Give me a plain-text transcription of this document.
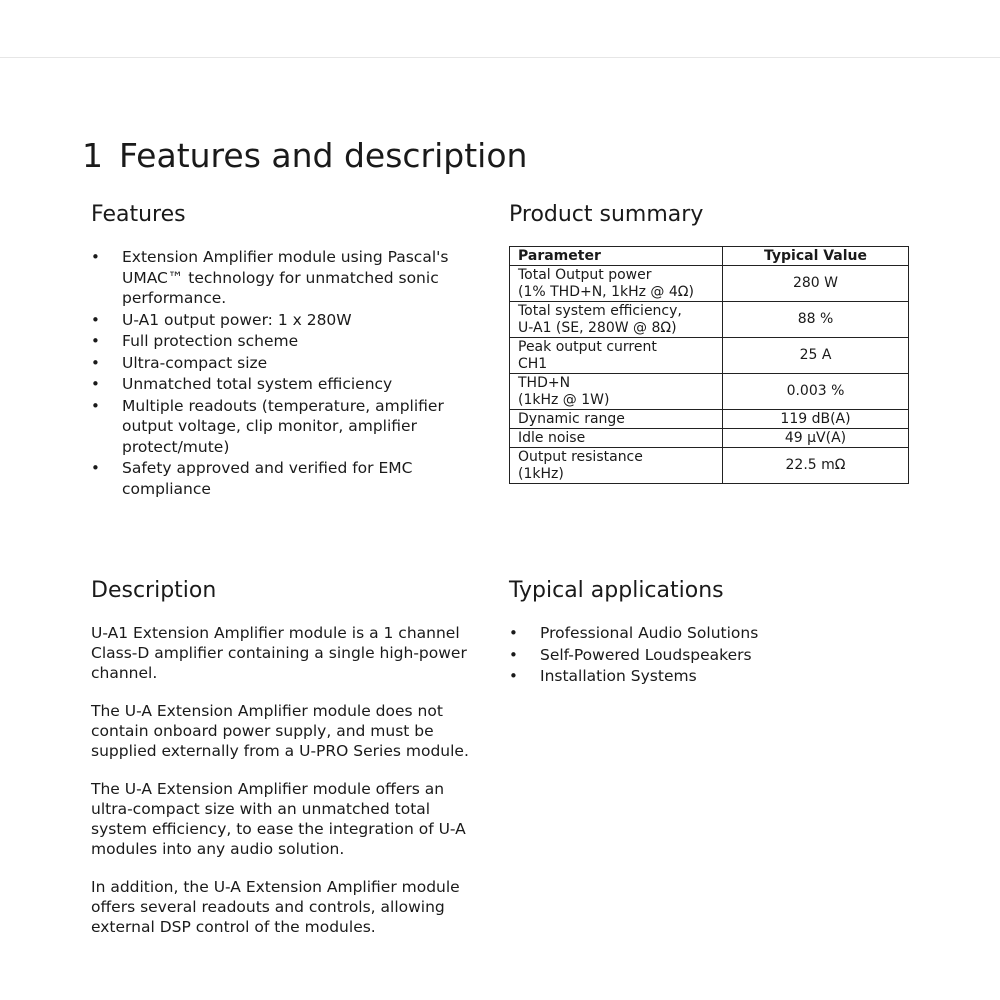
1 Features and description
Features
• Extension Amplifier module using Pascal's UMAC™ technology for unmatched sonic performance.
• U-A1 output power: 1 x 280W
• Full protection scheme
• Ultra-compact size
• Unmatched total system efficiency
• Multiple readouts (temperature, amplifier output voltage, clip monitor, amplifier protect/mute)
• Safety approved and verified for EMC compliance
Product summary
Parameter	Typical Value

Total Output power
(1% THD+N, 1kHz @ 4Ω)	280 W

Total system efficiency,
U-A1 (SE, 280W @ 8Ω)	88 %

Peak output current
CH1	25 A

THD+N
(1kHz @ 1W)	0.003 %

Dynamic range	119 dB(A)

Idle noise	49 µV(A)

Output resistance
(1kHz)	22.5 mΩ
Description

U-A1 Extension Amplifier module is a 1 channel Class-D amplifier containing a single high-power channel.

The U-A Extension Amplifier module does not contain onboard power supply, and must be supplied externally from a U-PRO Series module.

The U-A Extension Amplifier module offers an ultra-compact size with an unmatched total system efficiency, to ease the integration of U-A modules into any audio solution.

In addition, the U-A Extension Amplifier module offers several readouts and controls, allowing external DSP control of the modules.

Typical applications
• Professional Audio Solutions
• Self-Powered Loudspeakers
• Installation Systems
